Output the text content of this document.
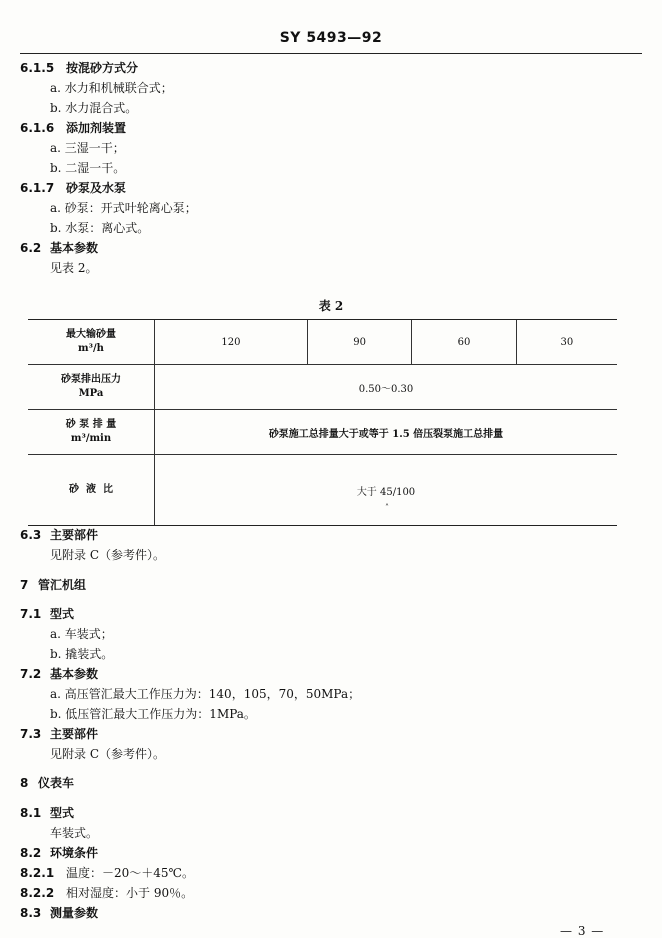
SY 5493—92
6.1.5 按混砂方式分
a. 水力和机械联合式；
b. 水力混合式。
6.1.6 添加剂装置
a. 三湿一干；
b. 二湿一干。
6.1.7 砂泵及水泵
a. 砂泵：开式叶轮离心泵；
b. 水泵：离心式。
6.2 基本参数
见表 2。
表 2
最大输砂量
m³/h	120	90	60	30

砂泵排出压力
MPa	0.50～0.30			

砂 泵 排 量
m³/min	砂泵施工总排量大于或等于 1.5 倍压裂泵施工总排量			

砂  液  比	大于 45/100			
˄
6.3 主要部件
见附录 C（参考件）。
7 管汇机组
7.1 型式
a. 车装式；
b. 撬装式。
7.2 基本参数
a. 高压管汇最大工作压力为：140，105，70，50MPa；
b. 低压管汇最大工作压力为：1MPa。
7.3 主要部件
见附录 C（参考件）。
8 仪表车
8.1 型式
车装式。
8.2 环境条件
8.2.1 温度：－20～＋45℃。
8.2.2 相对湿度：小于 90％。
8.3 测量参数
— 3 —
